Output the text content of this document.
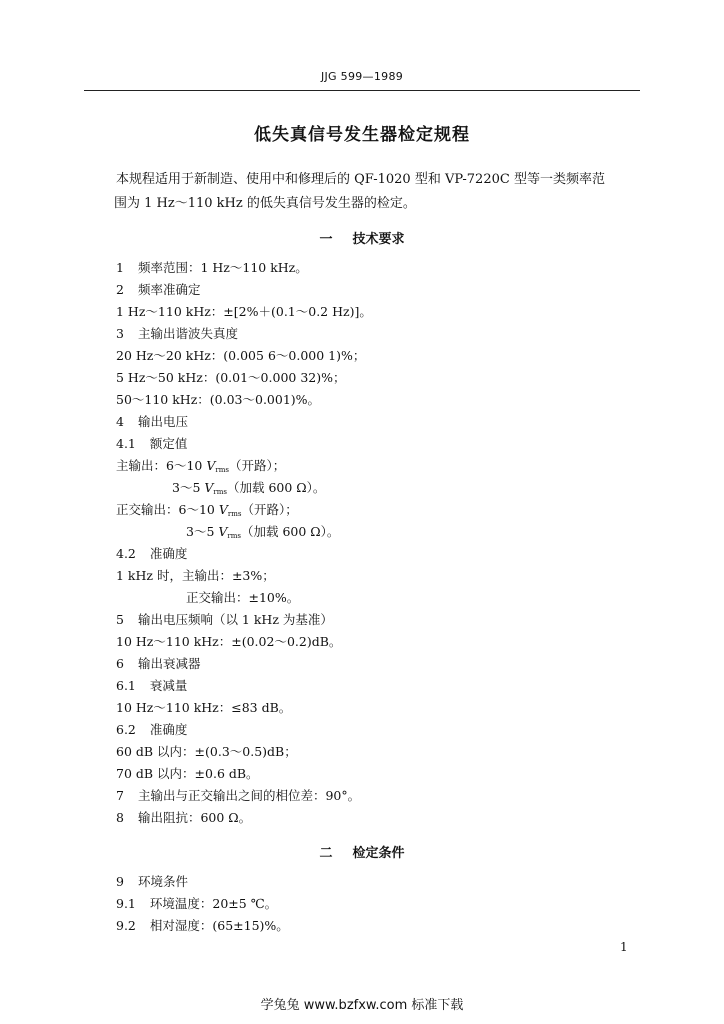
JJG 599—1989
低失真信号发生器检定规程

本规程适用于新制造、使用中和修理后的 QF-1020 型和 VP-7220C 型等一类频率范

围为 1 Hz～110 kHz 的低失真信号发生器的检定。

一 技术要求
1 频率范围：1 Hz～110 kHz。
2 频率准确定
1 Hz～110 kHz：±[2%＋(0.1～0.2 Hz)]。
3 主输出谐波失真度
20 Hz～20 kHz：(0.005 6～0.000 1)%；
5 Hz～50 kHz：(0.01～0.000 32)%；
50～110 kHz：(0.03～0.001)%。
4 输出电压
4.1 额定值
主输出：6～10 $V_{rms}$（开路）；
3～5 $V_{rms}$（加载 600 Ω）。
正交输出：6～10 $V_{rms}$（开路）；
3～5 $V_{rms}$（加载 600 Ω）。
4.2 准确度
1 kHz 时，主输出：±3%；
正交输出：±10%。
5 输出电压频响（以 1 kHz 为基准）
10 Hz～110 kHz：±(0.02～0.2)dB。
6 输出衰减器
6.1 衰减量
10 Hz～110 kHz：≤83 dB。
6.2 准确度
60 dB 以内：±(0.3～0.5)dB；
70 dB 以内：±0.6 dB。
7 主输出与正交输出之间的相位差：90°。
8 输出阻抗：600 Ω。
二 检定条件
9 环境条件
9.1 环境温度：20±5 ℃。
9.2 相对湿度：(65±15)%。
1
学兔兔 www.bzfxw.com 标准下载
